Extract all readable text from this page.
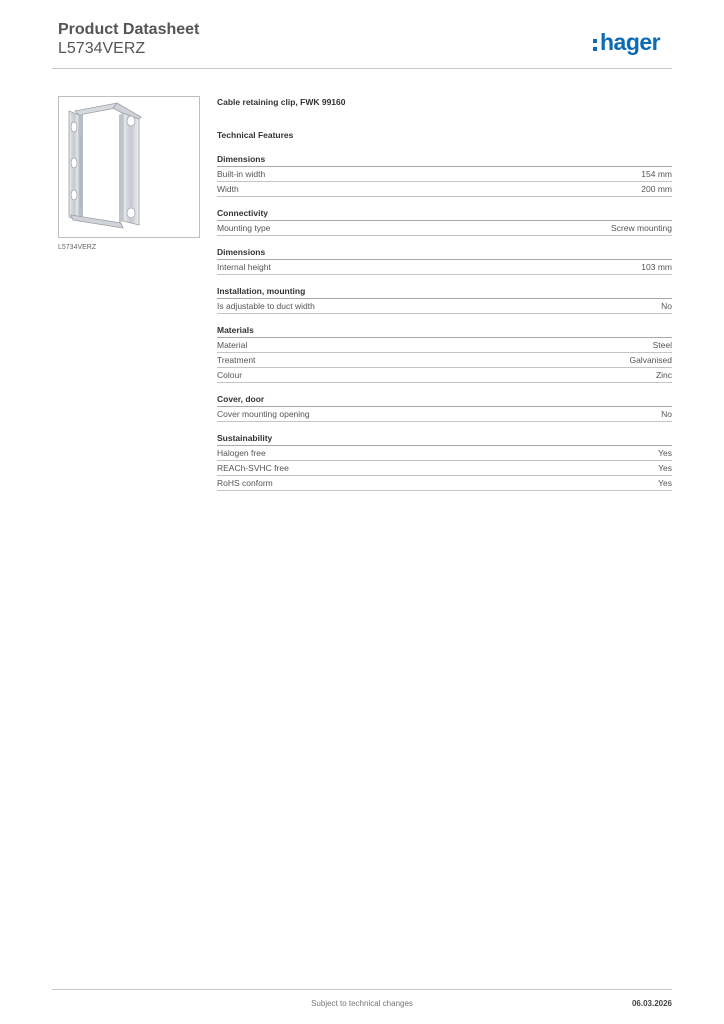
Product Datasheet
L5734VERZ	hager
L5734VERZ
Cable retaining clip, FWK 99160
Technical Features
Dimensions
Built-in width	154 mm
Width	200 mm
Connectivity
Mounting type	Screw mounting
Dimensions
Internal height	103 mm
Installation, mounting
Is adjustable to duct width	No
Materials
Material	Steel
Treatment	Galvanised
Colour	Zinc
Cover, door
Cover mounting opening	No
Sustainability
Halogen free	Yes
REACh-SVHC free	Yes
RoHS conform	Yes
Subject to technical changes	06.03.2026
